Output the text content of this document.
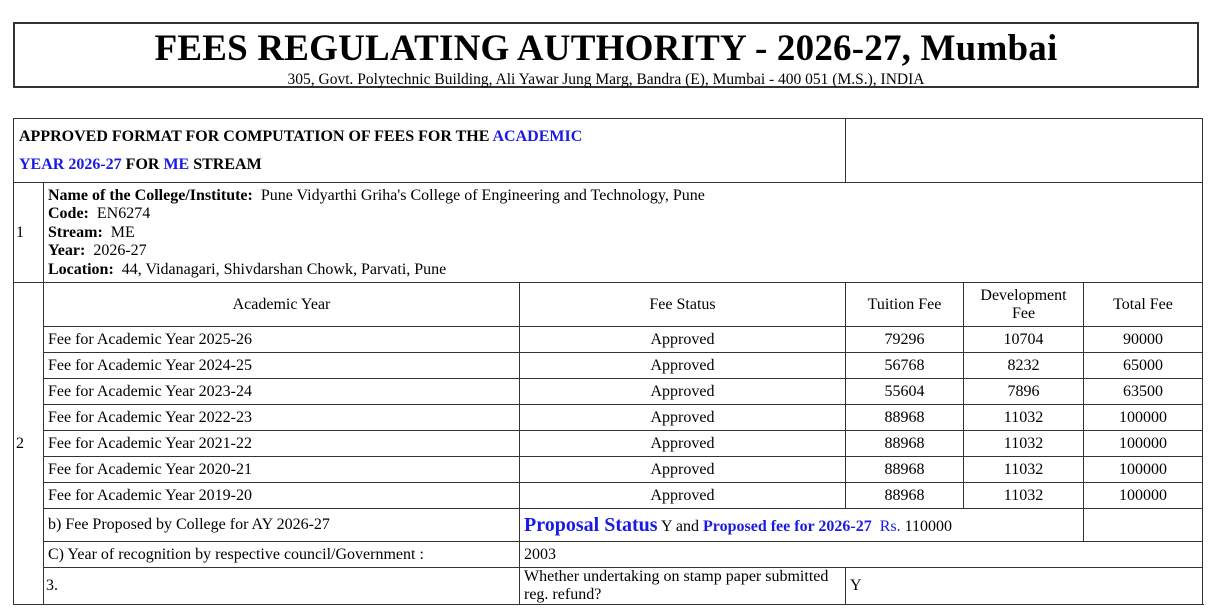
FEES REGULATING AUTHORITY - 2026-27, Mumbai
305, Govt. Polytechnic Building, Ali Yawar Jung Marg, Bandra (E), Mumbai - 400 051 (M.S.), INDIA
APPROVED FORMAT FOR COMPUTATION OF FEES FOR THE ACADEMIC
YEAR 2026-27 FOR ME STREAM					
1	Name of the College/Institute: Pune Vidyarthi Griha's College of Engineering and Technology, Pune
Code: EN6274
Stream: ME
Year: 2026-27
Location: 44, Vidanagari, Shivdarshan Chowk, Parvati, Pune				

2	Academic Year	Fee Status	Tuition Fee	Development Fee	Total Fee
	Fee for Academic Year 2025-26	Approved	79296	10704	90000
	Fee for Academic Year 2024-25	Approved	56768	8232	65000
	Fee for Academic Year 2023-24	Approved	55604	7896	63500
	Fee for Academic Year 2022-23	Approved	88968	11032	100000
	Fee for Academic Year 2021-22	Approved	88968	11032	100000
	Fee for Academic Year 2020-21	Approved	88968	11032	100000
	Fee for Academic Year 2019-20	Approved	88968	11032	100000
	b) Fee Proposed by College for AY 2026-27	Proposal Status Y and Proposed fee for 2026-27 Rs. 110000			
	C) Year of recognition by respective council/Government :	2003			
	3.	Whether undertaking on stamp paper submitted reg. refund?	Y		
